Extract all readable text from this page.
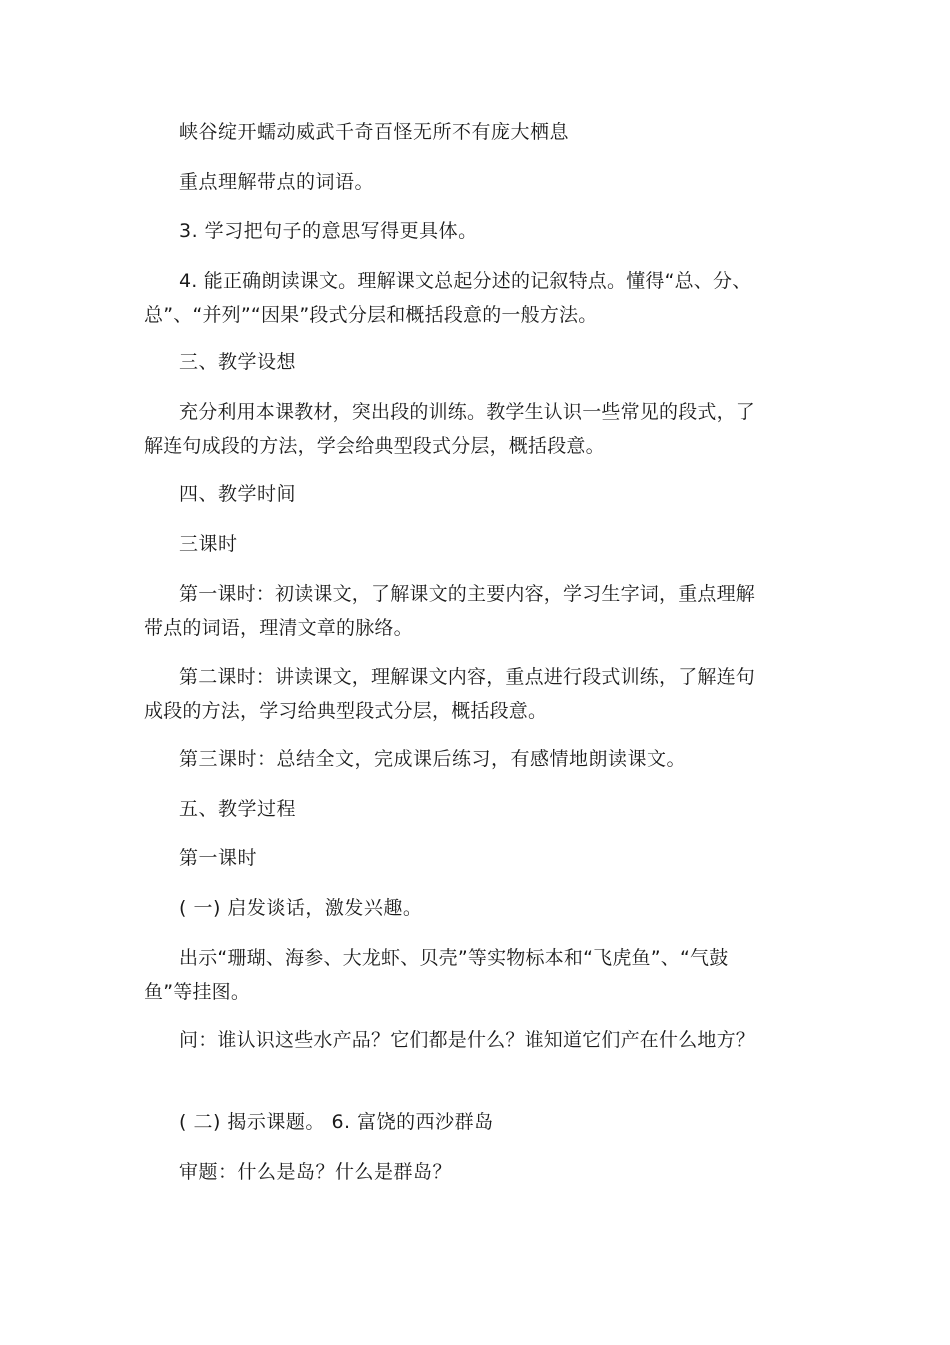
峡谷绽开蠕动威武千奇百怪无所不有庞大栖息

重点理解带点的词语。

3. 学习把句子的意思写得更具体。

4. 能正确朗读课文。理解课文总起分述的记叙特点。懂得“总、分、总”、“并列”“因果”段式分层和概括段意的一般方法。

三、教学设想

充分利用本课教材，突出段的训练。教学生认识一些常见的段式，了解连句成段的方法，学会给典型段式分层，概括段意。

四、教学时间

三课时

第一课时：初读课文，了解课文的主要内容，学习生字词，重点理解带点的词语，理清文章的脉络。

第二课时：讲读课文，理解课文内容，重点进行段式训练，了解连句成段的方法，学习给典型段式分层，概括段意。

第三课时：总结全文，完成课后练习，有感情地朗读课文。

五、教学过程

第一课时

( 一) 启发谈话，激发兴趣。

出示“珊瑚、海参、大龙虾、贝壳”等实物标本和“飞虎鱼”、“气鼓鱼”等挂图。

问：谁认识这些水产品？它们都是什么？谁知道它们产在什么地方？

( 二) 揭示课题。 6. 富饶的西沙群岛

审题：什么是岛？什么是群岛？
